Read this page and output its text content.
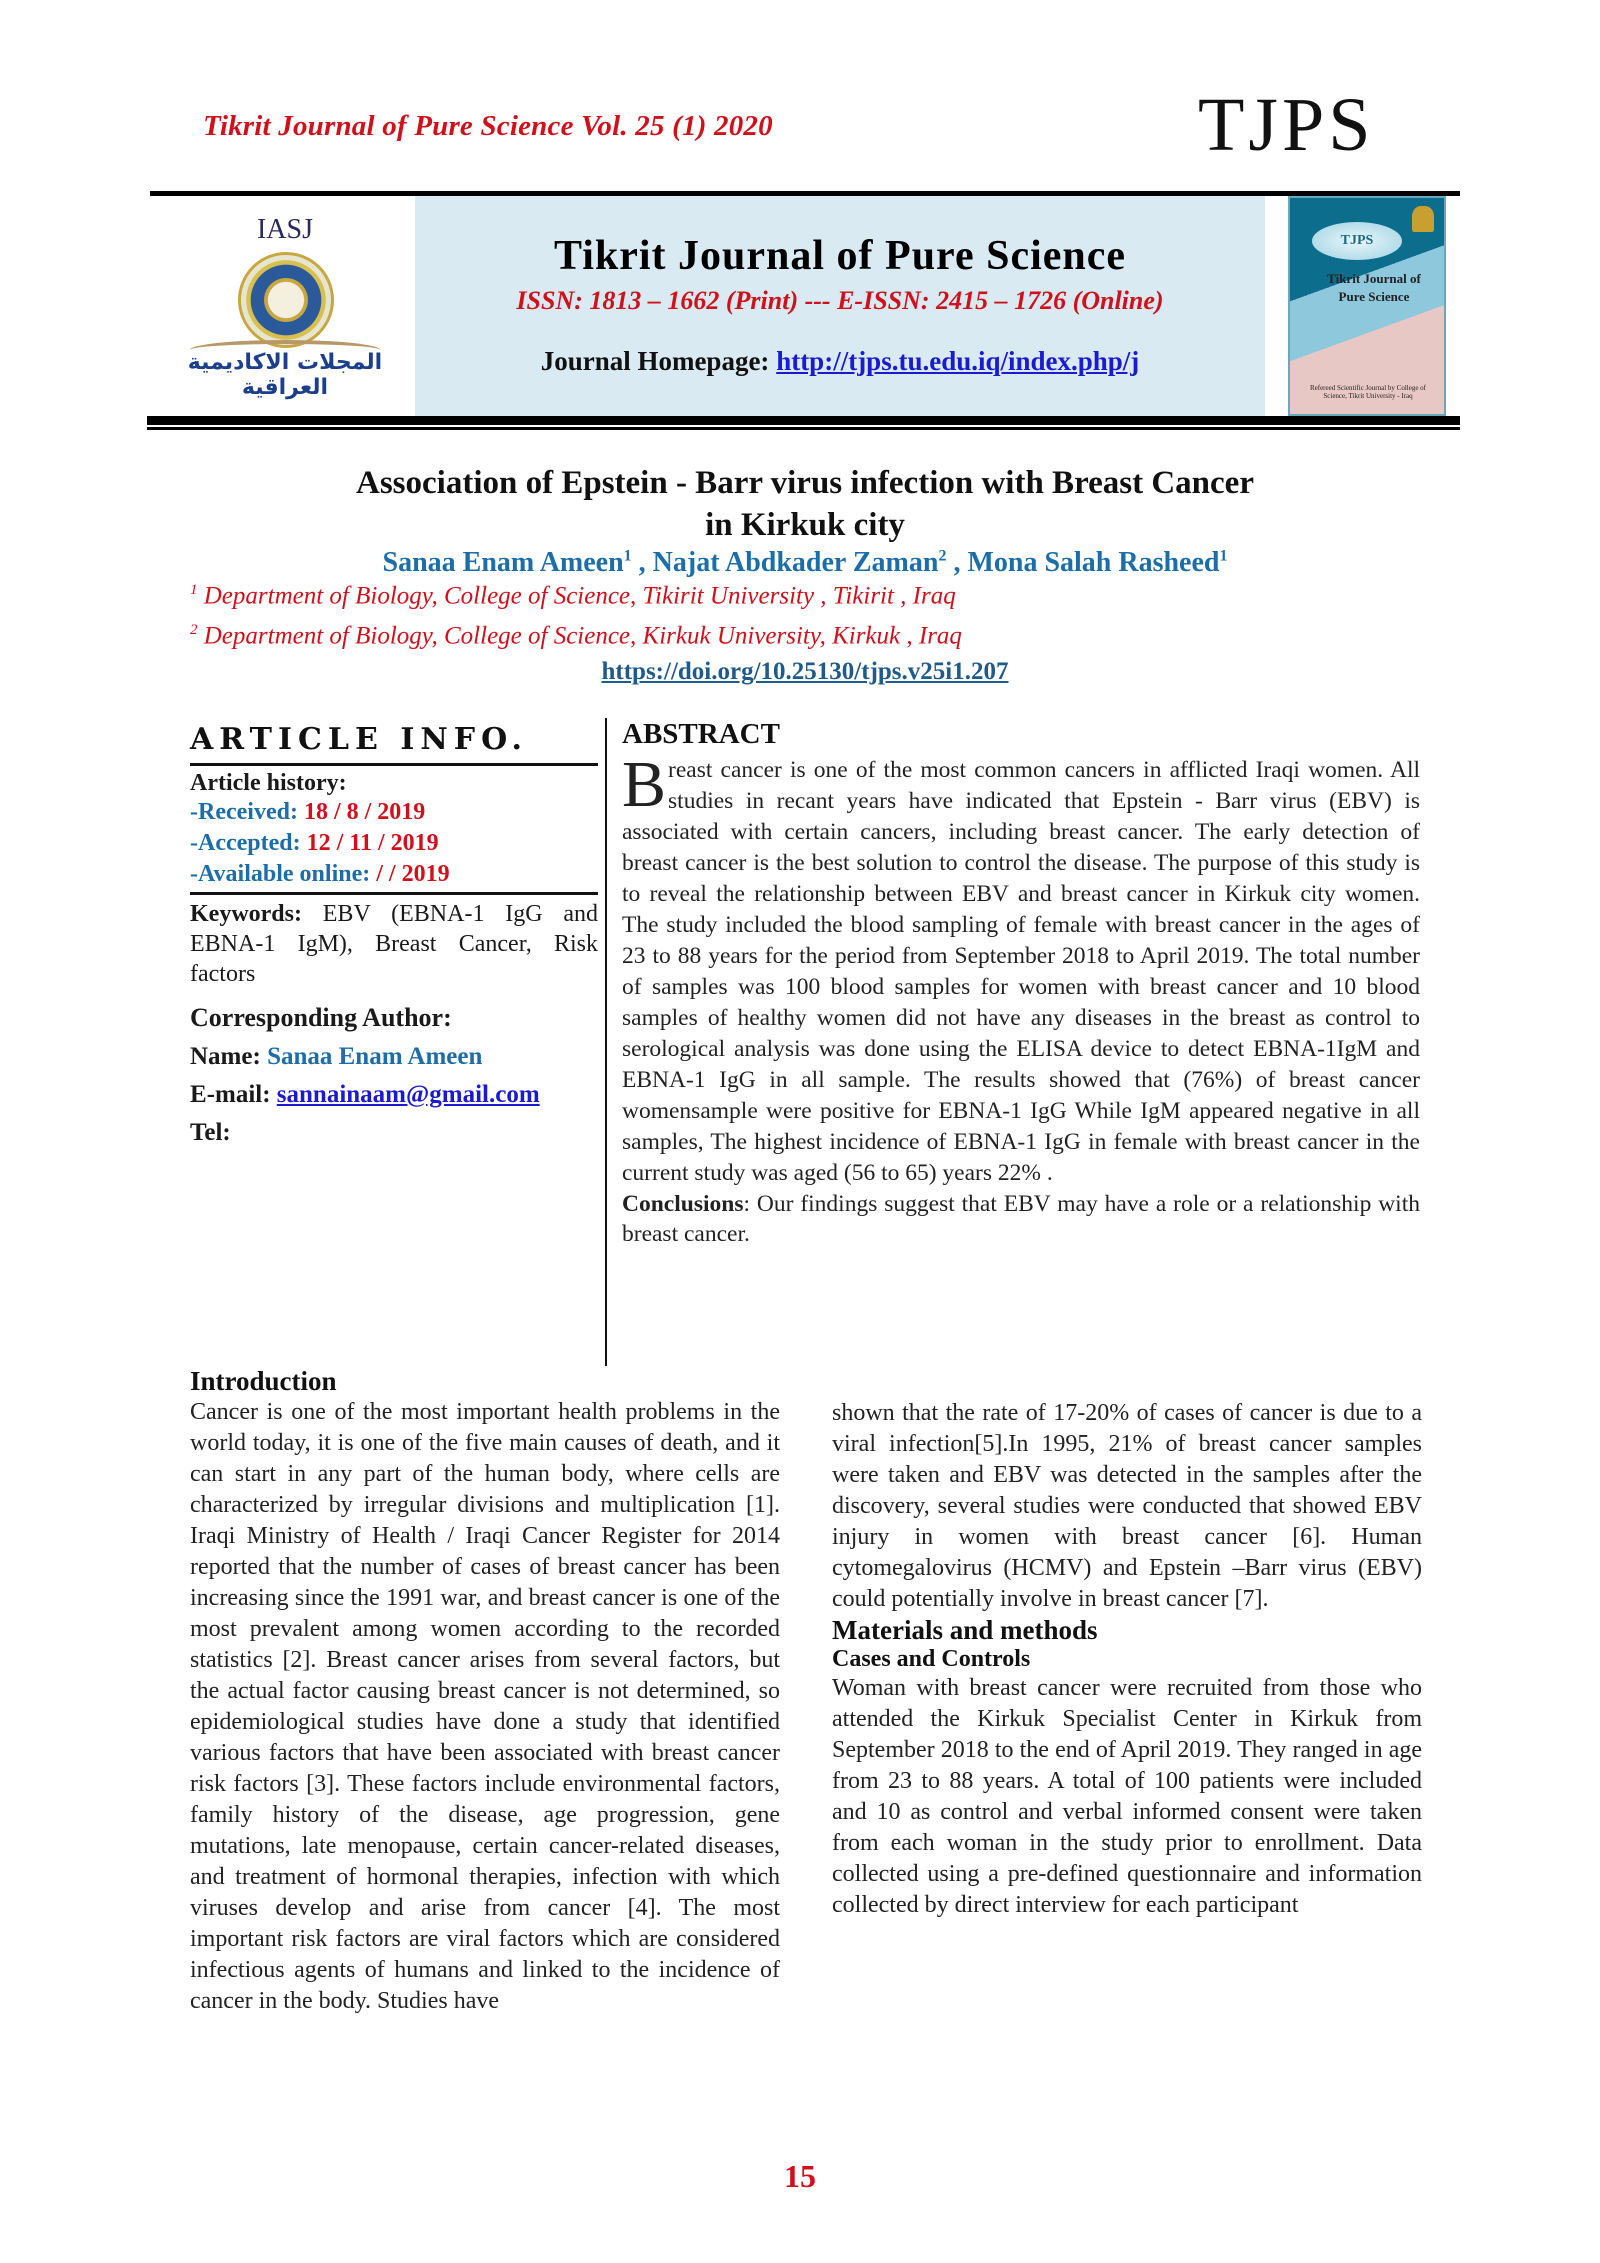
Tikrit Journal of Pure Science Vol. 25 (1) 2020	TJPS
IASJ
المجلات الاكاديمية العراقية
Tikrit Journal of Pure Science
ISSN: 1813 – 1662 (Print) --- E-ISSN: 2415 – 1726 (Online)
Journal Homepage: http://tjps.tu.edu.iq/index.php/j
TJPS
Tikrit Journal of Pure Science
Refereed Scientific Journal by College of Science, Tikrit University - Iraq
Association of Epstein - Barr virus infection with Breast Cancer
in Kirkuk city
Sanaa Enam Ameen$^1$ , Najat Abdkader Zaman$^2$ , Mona Salah Rasheed$^1$
$^1$ Department of Biology, College of Science, Tikirit University , Tikirit , Iraq
$^2$ Department of Biology, College of Science, Kirkuk University, Kirkuk , Iraq
https://doi.org/10.25130/tjps.v25i1.207
ARTICLE INFO.
Article history:
-Received: 18 / 8 / 2019
-Accepted: 12 / 11 / 2019
-Available online: / / 2019
Keywords: EBV (EBNA-1 IgG and EBNA-1 IgM), Breast Cancer, Risk factors
Corresponding Author:
Name: Sanaa Enam Ameen
E-mail: sannainaam@gmail.com
Tel:
ABSTRACT
Breast cancer is one of the most common cancers in afflicted Iraqi women. All studies in recant years have indicated that Epstein - Barr virus (EBV) is associated with certain cancers, including breast cancer. The early detection of breast cancer is the best solution to control the disease. The purpose of this study is to reveal the relationship between EBV and breast cancer in Kirkuk city women. The study included the blood sampling of female with breast cancer in the ages of 23 to 88 years for the period from September 2018 to April 2019. The total number of samples was 100 blood samples for women with breast cancer and 10 blood samples of healthy women did not have any diseases in the breast as control to serological analysis was done using the ELISA device to detect EBNA-1IgM and EBNA-1 IgG in all sample. The results showed that (76%) of breast cancer womensample were positive for EBNA-1 IgG While IgM appeared negative in all samples, The highest incidence of EBNA-1 IgG in female with breast cancer in the current study was aged (56 to 65) years 22% .
Conclusions: Our findings suggest that EBV may have a role or a relationship with breast cancer.
Introduction
Cancer is one of the most important health problems in the world today, it is one of the five main causes of death, and it can start in any part of the human body, where cells are characterized by irregular divisions and multiplication [1]. Iraqi Ministry of Health / Iraqi Cancer Register for 2014 reported that the number of cases of breast cancer has been increasing since the 1991 war, and breast cancer is one of the most prevalent among women according to the recorded statistics [2]. Breast cancer arises from several factors, but the actual factor causing breast cancer is not determined, so epidemiological studies have done a study that identified various factors that have been associated with breast cancer risk factors [3]. These factors include environmental factors, family history of the disease, age progression, gene mutations, late menopause, certain cancer-related diseases, and treatment of hormonal therapies, infection with which viruses develop and arise from cancer [4]. The most important risk factors are viral factors which are considered infectious agents of humans and linked to the incidence of cancer in the body. Studies have
shown that the rate of 17-20% of cases of cancer is due to a viral infection[5].In 1995, 21% of breast cancer samples were taken and EBV was detected in the samples after the discovery, several studies were conducted that showed EBV injury in women with breast cancer [6]. Human cytomegalovirus (HCMV) and Epstein –Barr virus (EBV) could potentially involve in breast cancer [7].
Materials and methods
Cases and Controls
Woman with breast cancer were recruited from those who attended the Kirkuk Specialist Center in Kirkuk from September 2018 to the end of April 2019. They ranged in age from 23 to 88 years. A total of 100 patients were included and 10 as control and verbal informed consent were taken from each woman in the study prior to enrollment. Data collected using a pre-defined questionnaire and information collected by direct interview for each participant
15
